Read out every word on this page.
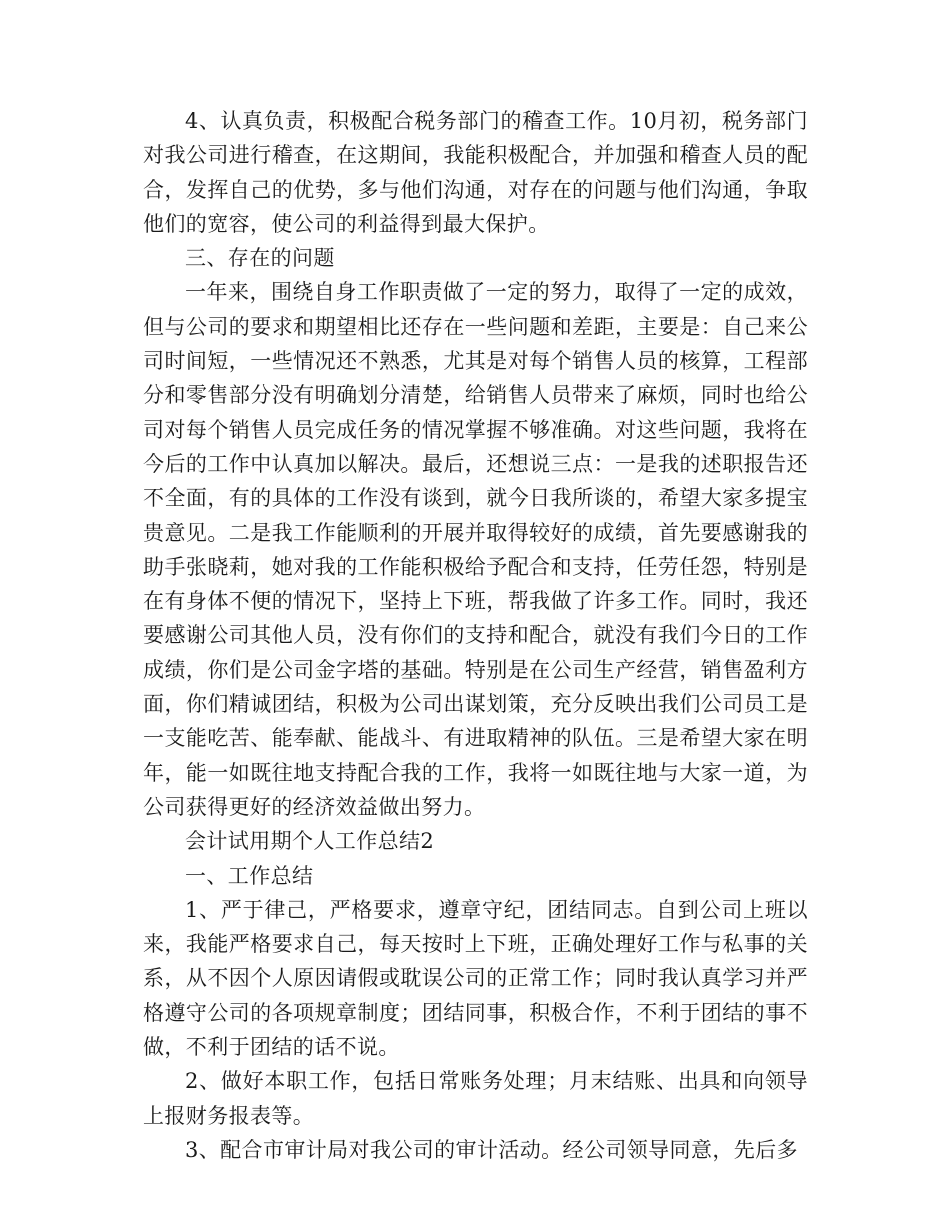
4、认真负责，积极配合税务部门的稽查工作。10月初，税务部门对我公司进行稽查，在这期间，我能积极配合，并加强和稽查人员的配合，发挥自己的优势，多与他们沟通，对存在的问题与他们沟通，争取他们的宽容，使公司的利益得到最大保护。

三、存在的问题

一年来，围绕自身工作职责做了一定的努力，取得了一定的成效，但与公司的要求和期望相比还存在一些问题和差距，主要是：自己来公司时间短，一些情况还不熟悉，尤其是对每个销售人员的核算，工程部分和零售部分没有明确划分清楚，给销售人员带来了麻烦，同时也给公司对每个销售人员完成任务的情况掌握不够准确。对这些问题，我将在今后的工作中认真加以解决。最后，还想说三点：一是我的述职报告还不全面，有的具体的工作没有谈到，就今日我所谈的，希望大家多提宝贵意见。二是我工作能顺利的开展并取得较好的成绩，首先要感谢我的助手张晓莉，她对我的工作能积极给予配合和支持，任劳任怨，特别是在有身体不便的情况下，坚持上下班，帮我做了许多工作。同时，我还要感谢公司其他人员，没有你们的支持和配合，就没有我们今日的工作成绩，你们是公司金字塔的基础。特别是在公司生产经营，销售盈利方面，你们精诚团结，积极为公司出谋划策，充分反映出我们公司员工是一支能吃苦、能奉献、能战斗、有进取精神的队伍。三是希望大家在明年，能一如既往地支持配合我的工作，我将一如既往地与大家一道，为公司获得更好的经济效益做出努力。

会计试用期个人工作总结2

一、工作总结

1、严于律己，严格要求，遵章守纪，团结同志。自到公司上班以来，我能严格要求自己，每天按时上下班，正确处理好工作与私事的关系，从不因个人原因请假或耽误公司的正常工作；同时我认真学习并严格遵守公司的各项规章制度；团结同事，积极合作，不利于团结的事不做，不利于团结的话不说。

2、做好本职工作，包括日常账务处理；月末结账、出具和向领导上报财务报表等。

3、配合市审计局对我公司的审计活动。经公司领导同意，先后多
